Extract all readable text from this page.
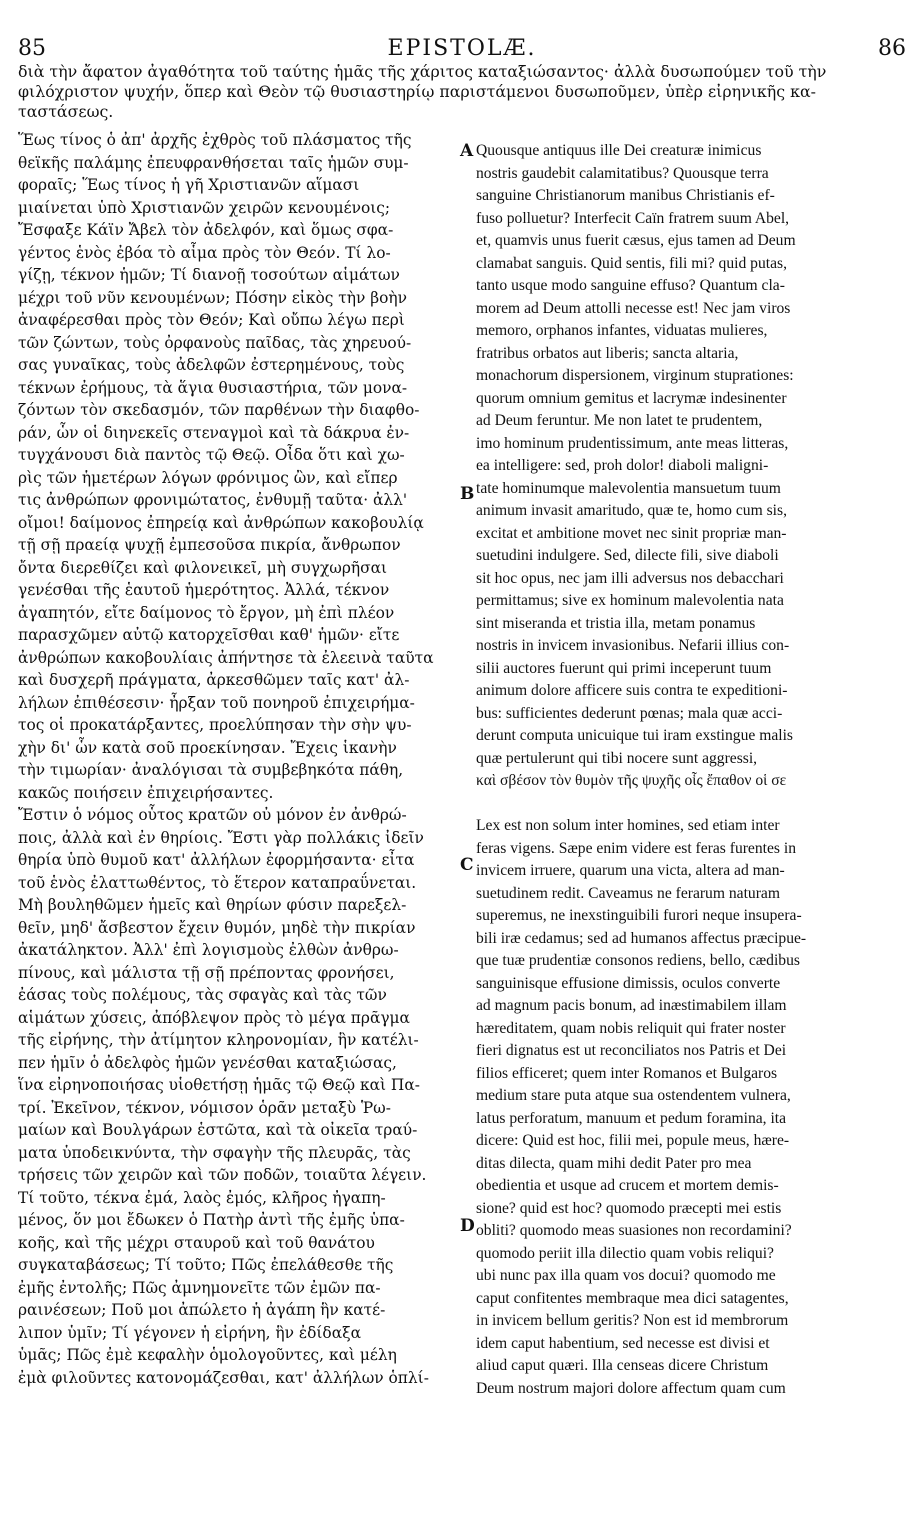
85	EPISTOLÆ.	86
διὰ τὴν ἄφατον ἀγαθότητα τοῦ ταύτης ἡμᾶς τῆς χάριτος καταξιώσαντος· ἀλλὰ δυσωπούμεν τοῦ τὴν
φιλόχριστον ψυχήν, ὅπερ καὶ Θεὸν τῷ θυσιαστηρίῳ παριστάμενοι δυσωποῦμεν, ὑπὲρ εἰρηνικῆς κα-
ταστάσεως.
Ἕως τίνος ὁ ἀπ' ἀρχῆς ἐχθρὸς τοῦ πλάσματος τῆς
θεϊκῆς παλάμης ἐπευφρανθήσεται ταῖς ἡμῶν συμ-
φοραῖς; Ἕως τίνος ἡ γῆ Χριστιανῶν αἵμασι
μιαίνεται ὑπὸ Χριστιανῶν χειρῶν κενουμένοις;
Ἔσφαξε Κάϊν Ἄβελ τὸν ἀδελφόν, καὶ ὅμως σφα-
γέντος ἑνὸς ἐβόα τὸ αἷμα πρὸς τὸν Θεόν. Τί λο-
γίζῃ, τέκνον ἡμῶν; Τί διανοῇ τοσούτων αἱμάτων
μέχρι τοῦ νῦν κενουμένων; Πόσην εἰκὸς τὴν βοὴν
ἀναφέρεσθαι πρὸς τὸν Θεόν; Καὶ οὔπω λέγω περὶ
τῶν ζώντων, τοὺς ὀρφανοὺς παῖδας, τὰς χηρευού-
σας γυναῖκας, τοὺς ἀδελφῶν ἐστερημένους, τοὺς
τέκνων ἐρήμους, τὰ ἅγια θυσιαστήρια, τῶν μονα-
ζόντων τὸν σκεδασμόν, τῶν παρθένων τὴν διαφθο-
ράν, ὧν οἱ διηνεκεῖς στεναγμοὶ καὶ τὰ δάκρυα ἐν-
τυγχάνουσι διὰ παντὸς τῷ Θεῷ. Οἶδα ὅτι καὶ χω-
ρὶς τῶν ἡμετέρων λόγων φρόνιμος ὢν, καὶ εἴπερ
τις ἀνθρώπων φρονιμώτατος, ἐνθυμῇ ταῦτα· ἀλλ'
οἴμοι! δαίμονος ἐπηρείᾳ καὶ ἀνθρώπων κακοβουλίᾳ
τῇ σῇ πραείᾳ ψυχῇ ἐμπεσοῦσα πικρία, ἄνθρωπον
ὄντα διερεθίζει καὶ φιλονεικεῖ, μὴ συγχωρῆσαι
γενέσθαι τῆς ἑαυτοῦ ἡμερότητος. Ἀλλά, τέκνον
ἀγαπητόν, εἴτε δαίμονος τὸ ἔργον, μὴ ἐπὶ πλέον
παρασχῶμεν αὐτῷ κατορχεῖσθαι καθ' ἡμῶν· εἴτε
ἀνθρώπων κακοβουλίαις ἀπήντησε τὰ ἐλεεινὰ ταῦτα
καὶ δυσχερῆ πράγματα, ἀρκεσθῶμεν ταῖς κατ' ἀλ-
λήλων ἐπιθέσεσιν· ἦρξαν τοῦ πονηροῦ ἐπιχειρήμα-
τος οἱ προκατάρξαντες, προελύπησαν τὴν σὴν ψυ-
χὴν δι' ὧν κατὰ σοῦ προεκίνησαν. Ἔχεις ἱκανὴν
τὴν τιμωρίαν· ἀναλόγισαι τὰ συμβεβηκότα πάθη,
κακῶς ποιήσειν ἐπιχειρήσαντες.
Ἔστιν ὁ νόμος οὗτος κρατῶν οὐ μόνον ἐν ἀνθρώ-
ποις, ἀλλὰ καὶ ἐν θηρίοις. Ἔστι γὰρ πολλάκις ἰδεῖν
θηρία ὑπὸ θυμοῦ κατ' ἀλλήλων ἐφορμήσαντα· εἶτα
τοῦ ἑνὸς ἐλαττωθέντος, τὸ ἕτερον καταπραΰνεται.
Μὴ βουληθῶμεν ἡμεῖς καὶ θηρίων φύσιν παρεξελ-
θεῖν, μηδ' ἄσβεστον ἔχειν θυμόν, μηδὲ τὴν πικρίαν
ἀκατάληκτον. Ἀλλ' ἐπὶ λογισμοὺς ἐλθὼν ἀνθρω-
πίνους, καὶ μάλιστα τῇ σῇ πρέποντας φρονήσει,
ἐάσας τοὺς πολέμους, τὰς σφαγὰς καὶ τὰς τῶν
αἱμάτων χύσεις, ἀπόβλεψον πρὸς τὸ μέγα πρᾶγμα
τῆς εἰρήνης, τὴν ἀτίμητον κληρονομίαν, ἣν κατέλι-
πεν ἡμῖν ὁ ἀδελφὸς ἡμῶν γενέσθαι καταξιώσας,
ἵνα εἰρηνοποιήσας υἱοθετήσῃ ἡμᾶς τῷ Θεῷ καὶ Πα-
τρί. Ἐκεῖνον, τέκνον, νόμισον ὁρᾶν μεταξὺ Ῥω-
μαίων καὶ Βουλγάρων ἑστῶτα, καὶ τὰ οἰκεῖα τραύ-
ματα ὑποδεικνύντα, τὴν σφαγὴν τῆς πλευρᾶς, τὰς
τρήσεις τῶν χειρῶν καὶ τῶν ποδῶν, τοιαῦτα λέγειν.
Τί τοῦτο, τέκνα ἐμά, λαὸς ἐμός, κλῆρος ἠγαπη-
μένος, ὅν μοι ἔδωκεν ὁ Πατὴρ ἀντὶ τῆς ἐμῆς ὑπα-
κοῆς, καὶ τῆς μέχρι σταυροῦ καὶ τοῦ θανάτου
συγκαταβάσεως; Τί τοῦτο; Πῶς ἐπελάθεσθε τῆς
ἐμῆς ἐντολῆς; Πῶς ἀμνημονεῖτε τῶν ἐμῶν πα-
ραινέσεων; Ποῦ μοι ἀπώλετο ἡ ἀγάπη ἣν κατέ-
λιπον ὑμῖν; Τί γέγονεν ἡ εἰρήνη, ἣν ἐδίδαξα
ὑμᾶς; Πῶς ἐμὲ κεφαλὴν ὁμολογοῦντες, καὶ μέλη
ἐμὰ φιλοῦντες κατονομάζεσθαι, κατ' ἀλλήλων ὁπλί-
A
B
C
D
Quousque antiquus ille Dei creaturæ inimicus
nostris gaudebit calamitatibus? Quousque terra
sanguine Christianorum manibus Christianis ef-
fuso polluetur? Interfecit Caïn fratrem suum Abel,
et, quamvis unus fuerit cæsus, ejus tamen ad Deum
clamabat sanguis. Quid sentis, fili mi? quid putas,
tanto usque modo sanguine effuso? Quantum cla-
morem ad Deum attolli necesse est! Nec jam viros
memoro, orphanos infantes, viduatas mulieres,
fratribus orbatos aut liberis; sancta altaria,
monachorum dispersionem, virginum stuprationes:
quorum omnium gemitus et lacrymæ indesinenter
ad Deum feruntur. Me non latet te prudentem,
imo hominum prudentissimum, ante meas litteras,
ea intelligere: sed, proh dolor! diaboli maligni-
tate hominumque malevolentia mansuetum tuum
animum invasit amaritudo, quæ te, homo cum sis,
excitat et ambitione movet nec sinit propriæ man-
suetudini indulgere. Sed, dilecte fili, sive diaboli
sit hoc opus, nec jam illi adversus nos debacchari
permittamus; sive ex hominum malevolentia nata
sint miseranda et tristia illa, metam ponamus
nostris in invicem invasionibus. Nefarii illius con-
silii auctores fuerunt qui primi inceperunt tuum
animum dolore afficere suis contra te expeditioni-
bus: sufficientes dederunt pœnas; mala quæ acci-
derunt computa unicuique tui iram exstingue malis
quæ pertulerunt qui tibi nocere sunt aggressi,
καὶ σβέσον τὸν θυμὸν τῆς ψυχῆς οἷς ἔπαθον οἱ σε
Lex est non solum inter homines, sed etiam inter
feras vigens. Sæpe enim videre est feras furentes in
invicem irruere, quarum una victa, altera ad man-
suetudinem redit. Caveamus ne ferarum naturam
superemus, ne inexstinguibili furori neque insupera-
bili iræ cedamus; sed ad humanos affectus præcipue-
que tuæ prudentiæ consonos rediens, bello, cædibus
sanguinisque effusione dimissis, oculos converte
ad magnum pacis bonum, ad inæstimabilem illam
hæreditatem, quam nobis reliquit qui frater noster
fieri dignatus est ut reconciliatos nos Patris et Dei
filios efficeret; quem inter Romanos et Bulgaros
medium stare puta atque sua ostendentem vulnera,
latus perforatum, manuum et pedum foramina, ita
dicere: Quid est hoc, filii mei, popule meus, hære-
ditas dilecta, quam mihi dedit Pater pro mea
obedientia et usque ad crucem et mortem demis-
sione? quid est hoc? quomodo præcepti mei estis
obliti? quomodo meas suasiones non recordamini?
quomodo periit illa dilectio quam vobis reliqui?
ubi nunc pax illa quam vos docui? quomodo me
caput confitentes membraque mea dici satagentes,
in invicem bellum geritis? Non est id membrorum
idem caput habentium, sed necesse est divisi et
aliud caput quæri. Illa censeas dicere Christum
Deum nostrum majori dolore affectum quam cum
